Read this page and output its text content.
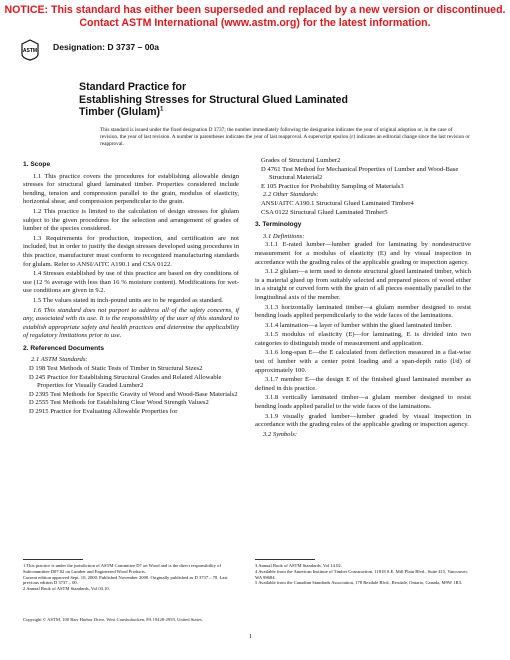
NOTICE: This standard has either been superseded and replaced by a new version or discontinued.
Contact ASTM International (www.astm.org) for the latest information.
ASTM Designation: D 3737 – 00a
Standard Practice for
Establishing Stresses for Structural Glued Laminated
Timber (Glulam)$^1$
This standard is issued under the fixed designation D 3737; the number immediately following the designation indicates the year of original adoption or, in the case of revision, the year of last revision. A number in parentheses indicates the year of last reapproval. A superscript epsilon (ε) indicates an editorial change since the last revision or reapproval.
1. Scope

1.1 This practice covers the procedures for establishing allowable design stresses for structural glued laminated timber. Properties considered include bending, tension and compression parallel to the grain, modulus of elasticity, horizontal shear, and compression perpendicular to the grain.

1.2 This practice is limited to the calculation of design stresses for glulam subject to the given procedures for the selection and arrangement of grades of lumber of the species considered.

1.3 Requirements for production, inspection, and certification are not included, but in order to justify the design stresses developed using procedures in this practice, manufacturer must conform to recognized manufacturing standards for glulam. Refer to ANSI/AITC A190.1 and CSA 0122.

1.4 Stresses established by use of this practice are based on dry conditions of use (12 % average with less than 16 % moisture content). Modifications for wet-use conditions are given in 9.2.

1.5 The values stated in inch-pound units are to be regarded as standard.

1.6 This standard does not purport to address all of the safety concerns, if any, associated with its use. It is the responsibility of the user of this standard to establish appropriate safety and health practices and determine the applicability of regulatory limitations prior to use.

2. Referenced Documents

2.1 ASTM Standards:

D 198 Test Methods of Static Tests of Timber in Structural Sizes2

D 245 Practice for Establishing Structural Grades and Related Allowable Properties for Visually Graded Lumber2

D 2395 Test Methods for Specific Gravity of Wood and Wood-Base Materials2

D 2555 Test Methods for Establishing Clear Wood Strength Values2

D 2915 Practice for Evaluating Allowable Properties for

Grades of Structural Lumber2

D 4761 Test Method for Mechanical Properties of Lumber and Wood-Base Structural Material2

E 105 Practice for Probability Sampling of Materials3

2.2 Other Standards:

ANSI/AITC A190.1 Structural Glued Laminated Timber4

CSA 0122 Structural Glued Laminated Timber5

3. Terminology

3.1 Definitions:

3.1.1 E-rated lumber—lumber graded for laminating by nondestructive measurement for a modulus of elasticity (E) and by visual inspection in accordance with the grading rules of the applicable grading or inspection agency.

3.1.2 glulam—a term used to denote structural glued laminated timber, which is a material glued up from suitably selected and prepared pieces of wood either in a straight or curved form with the grain of all pieces essentially parallel to the longitudinal axis of the member.

3.1.3 horizontally laminated timber—a glulam member designed to resist bending loads applied perpendicularly to the wide faces of the laminations.

3.1.4 lamination—a layer of lumber within the glued laminated timber.

3.1.5 modulus of elasticity (E)—for laminating, E is divided into two categories to distinguish mode of measurement and application.

3.1.6 long-span E—the E calculated from deflection measured in a flat-wise test of lumber with a center point loading and a span-depth ratio (l/d) of approximately 100.

3.1.7 member E—the design E of the finished glued laminated member as defined in this practice.

3.1.8 vertically laminated timber—a glulam member designed to resist bending loads applied parallel to the wide faces of the laminations.

3.1.9 visually graded lumber—lumber graded by visual inspection in accordance with the grading rules of the applicable grading or inspection agency.

3.2 Symbols:

1 This practice is under the jurisdiction of ASTM Committee D7 on Wood and is the direct responsibility of Subcommittee D07.02 on Lumber and Engineered Wood Products.
Current edition approved Sept. 10, 2000. Published November 2000. Originally published as D 3737 – 78. Last previous edition D 3737 – 00.
2 Annual Book of ASTM Standards, Vol 04.10.
3 Annual Book of ASTM Standards, Vol 14.02.
4 Available from the American Institute of Timber Construction, 11818 S.E. Mill Plain Blvd., Suite 415, Vancouver, WA 98684.
5 Available from the Canadian Standards Association, 178 Rexdale Blvd., Rexdale, Ontario, Canada, M9W 1R3.
Copyright © ASTM, 100 Barr Harbor Drive, West Conshohocken, PA 19428-2959, United States.
1
